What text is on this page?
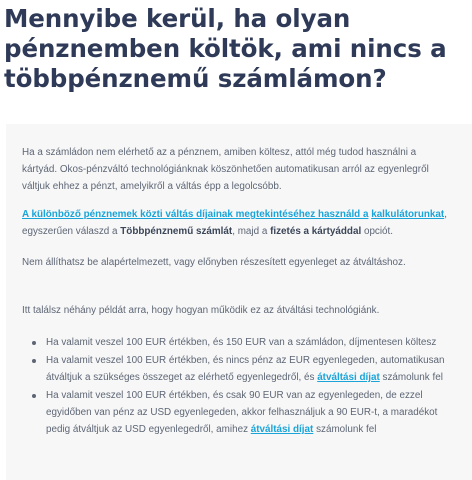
Mennyibe kerül, ha olyan
pénznemben költök, ami nincs a
többpénznemű számlámon?

Ha a számládon nem elérhető az a pénznem, amiben költesz, attól még tudod használni a kártyád. Okos-pénzváltó technológiánknak köszönhetően automatikusan arról az egyenlegről váltjuk ehhez a pénzt, amelyikről a váltás épp a legolcsóbb.

A különböző pénznemek közti váltás díjainak megtekintéséhez használd a kalkulátorunkat, egyszerűen válaszd a Többpénznemű számlát, majd a fizetés a kártyáddal opciót.

Nem állíthatsz be alapértelmezett, vagy előnyben részesített egyenleget az átváltáshoz.

Itt találsz néhány példát arra, hogy hogyan működik ez az átváltási technológiánk.

Ha valamit veszel 100 EUR értékben, és 150 EUR van a számládon, díjmentesen költesz
Ha valamit veszel 100 EUR értékben, és nincs pénz az EUR egyenlegeden, automatikusan átváltjuk a szükséges összeget az elérhető egyenlegedről, és átváltási díjat számolunk fel
Ha valamit veszel 100 EUR értékben, és csak 90 EUR van az egyenlegeden, de ezzel egyidőben van pénz az USD egyenlegeden, akkor felhasználjuk a 90 EUR-t, a maradékot pedig átváltjuk az USD egyenlegedről, amihez átváltási díjat számolunk fel
